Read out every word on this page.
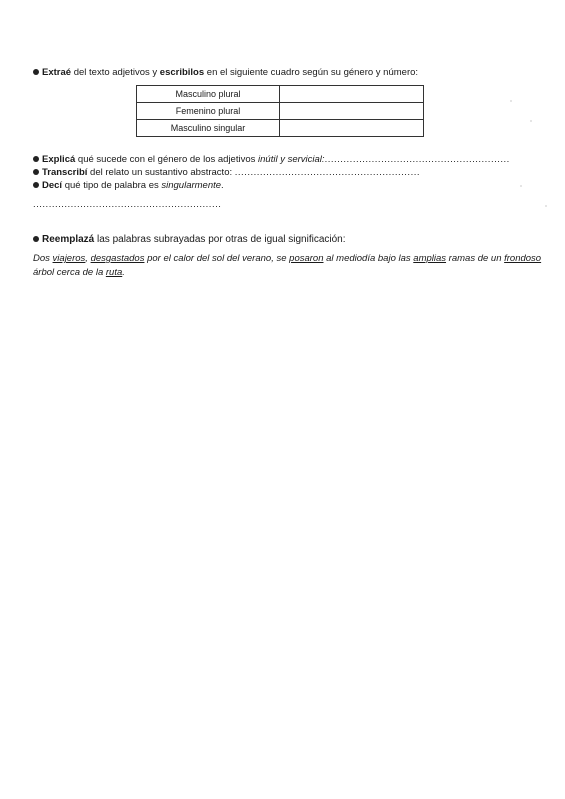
Extraé del texto adjetivos y escribilos en el siguiente cuadro según su género y número:
Masculino plural	
Femenino plural	
Masculino singular	
Explicá qué sucede con el género de los adjetivos inútil y servicial:...........................................................
Transcribí del relato un sustantivo abstracto: ...........................................................
Decí qué tipo de palabra es singularmente.
............................................................
Reemplazá las palabras subrayadas por otras de igual significación:
Dos viajeros, desgastados por el calor del sol del verano, se posaron al mediodía bajo las amplias ramas de un frondoso árbol cerca de la ruta.
